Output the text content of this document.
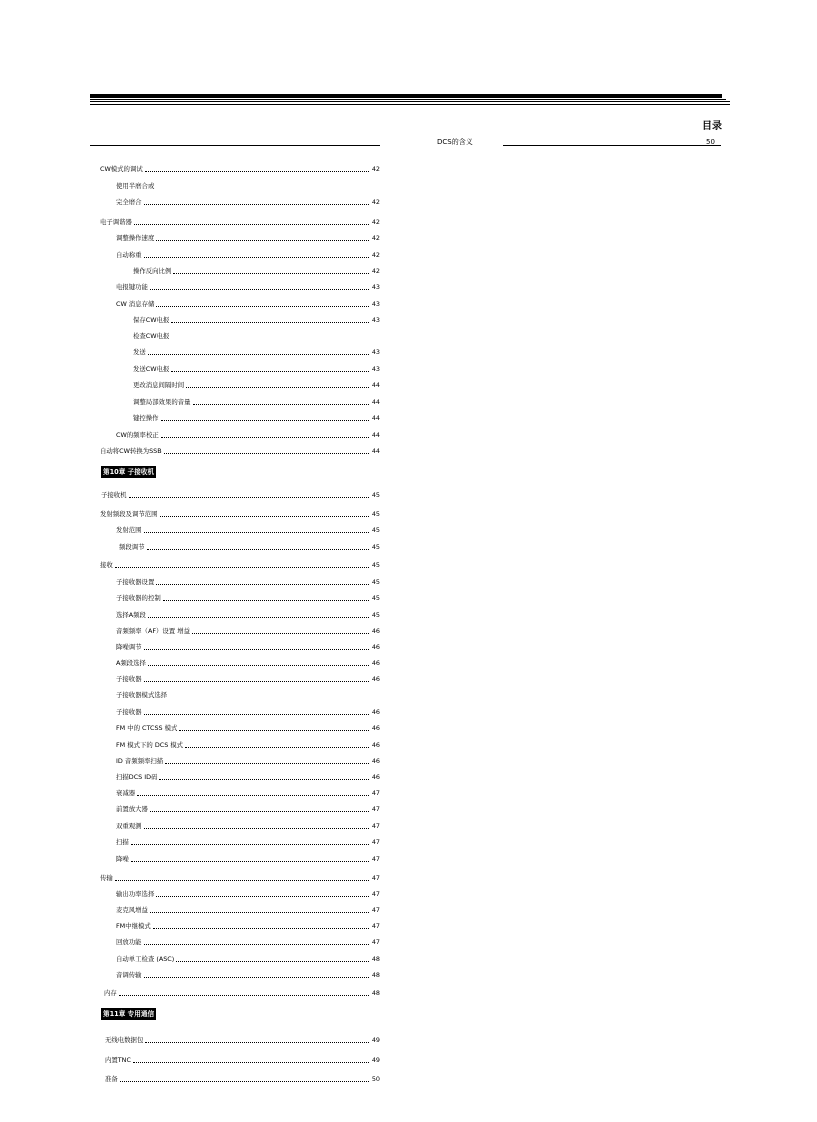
目录
DCS的含义	50
CW模式的调试	42
使用半磨合或
完全磨合	42
电子调谐器	42
调整操作速度	42
自动称重	42
操作反向比例	42
电报键功能	43
CW 消息存储	43
保存CW电报	43
检查CW电报
发送	43
发送CW电报	43
更改消息间隔时间	44
调整局部效果的音量	44
键控操作	44
CW的频率校正	44
自动将CW转换为SSB	44
第10章 子接收机
子接收机	45
发射频段及调节范围	45
发射范围	45
频段调节	45
接收	45
子接收器设置	45
子接收器的控制	45
选择A频段	45
音频频率（AF）设置 增益	46
降噪调节	46
A频段选择	46
子接收器	46
子接收器模式选择
子接收器	46
FM 中的 CTCSS 模式	46
FM 模式下的 DCS 模式	46
ID 音频频率扫描	46
扫描DCS ID码	46
衰减器	47
前置放大器	47
双重观测	47
扫描	47
降噪	47
传输	47
输出功率选择	47
麦克风增益	47
FM中继模式	47
回放功能	47
自动单工检查 (ASC)	48
音调传输	48
内存	48
第11章 专用通信
无线电数据包	49
内置TNC	49
准备	50
